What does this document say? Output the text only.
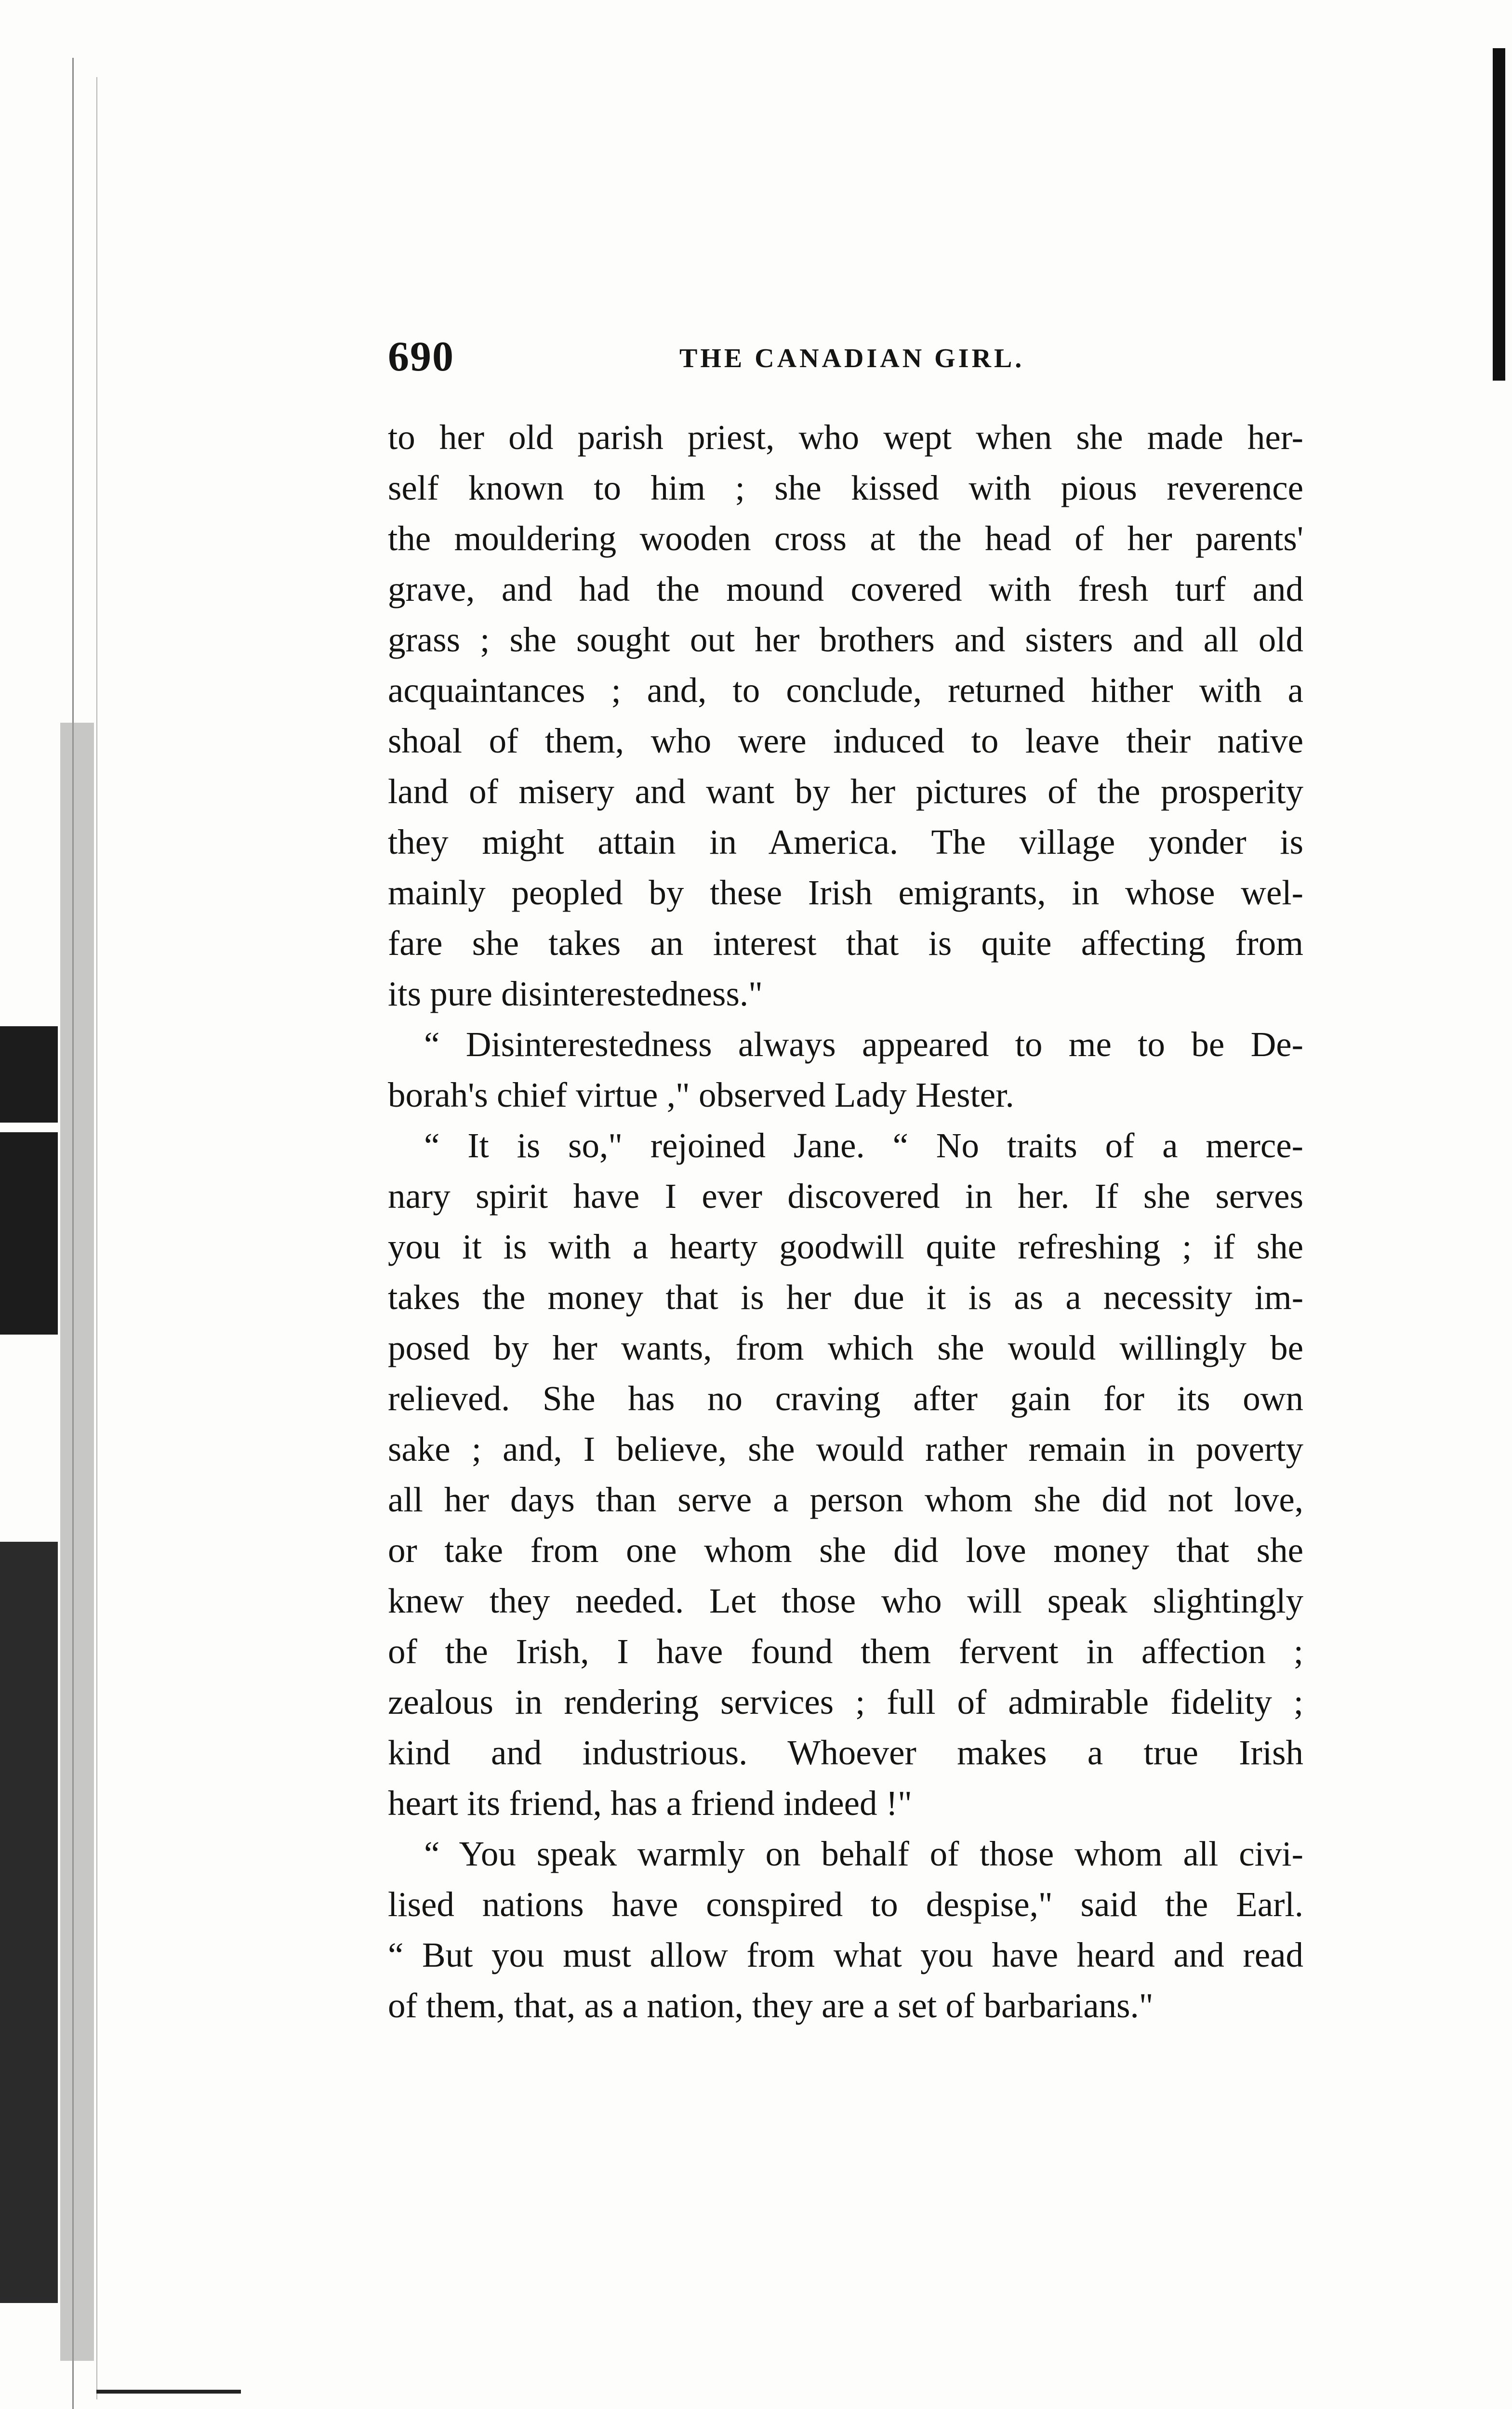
690	THE CANADIAN GIRL.
to her old parish priest, who wept when she made her-
self known to him ; she kissed with pious reverence
the mouldering wooden cross at the head of her parents'
grave, and had the mound covered with fresh turf and
grass ; she sought out her brothers and sisters and all old
acquaintances ; and, to conclude, returned hither with a
shoal of them, who were induced to leave their native
land of misery and want by her pictures of the prosperity
they might attain in America. The village yonder is
mainly peopled by these Irish emigrants, in whose wel-
fare she takes an interest that is quite affecting from
its pure disinterestedness."
“ Disinterestedness always appeared to me to be De-
borah's chief virtue ," observed Lady Hester.
“ It is so," rejoined Jane. “ No traits of a merce-
nary spirit have I ever discovered in her. If she serves
you it is with a hearty goodwill quite refreshing ; if she
takes the money that is her due it is as a necessity im-
posed by her wants, from which she would willingly be
relieved. She has no craving after gain for its own
sake ; and, I believe, she would rather remain in poverty
all her days than serve a person whom she did not love,
or take from one whom she did love money that she
knew they needed. Let those who will speak slightingly
of the Irish, I have found them fervent in affection ;
zealous in rendering services ; full of admirable fidelity ;
kind and industrious. Whoever makes a true Irish
heart its friend, has a friend indeed !"
“ You speak warmly on behalf of those whom all civi-
lised nations have conspired to despise," said the Earl.
“ But you must allow from what you have heard and read
of them, that, as a nation, they are a set of barbarians."
